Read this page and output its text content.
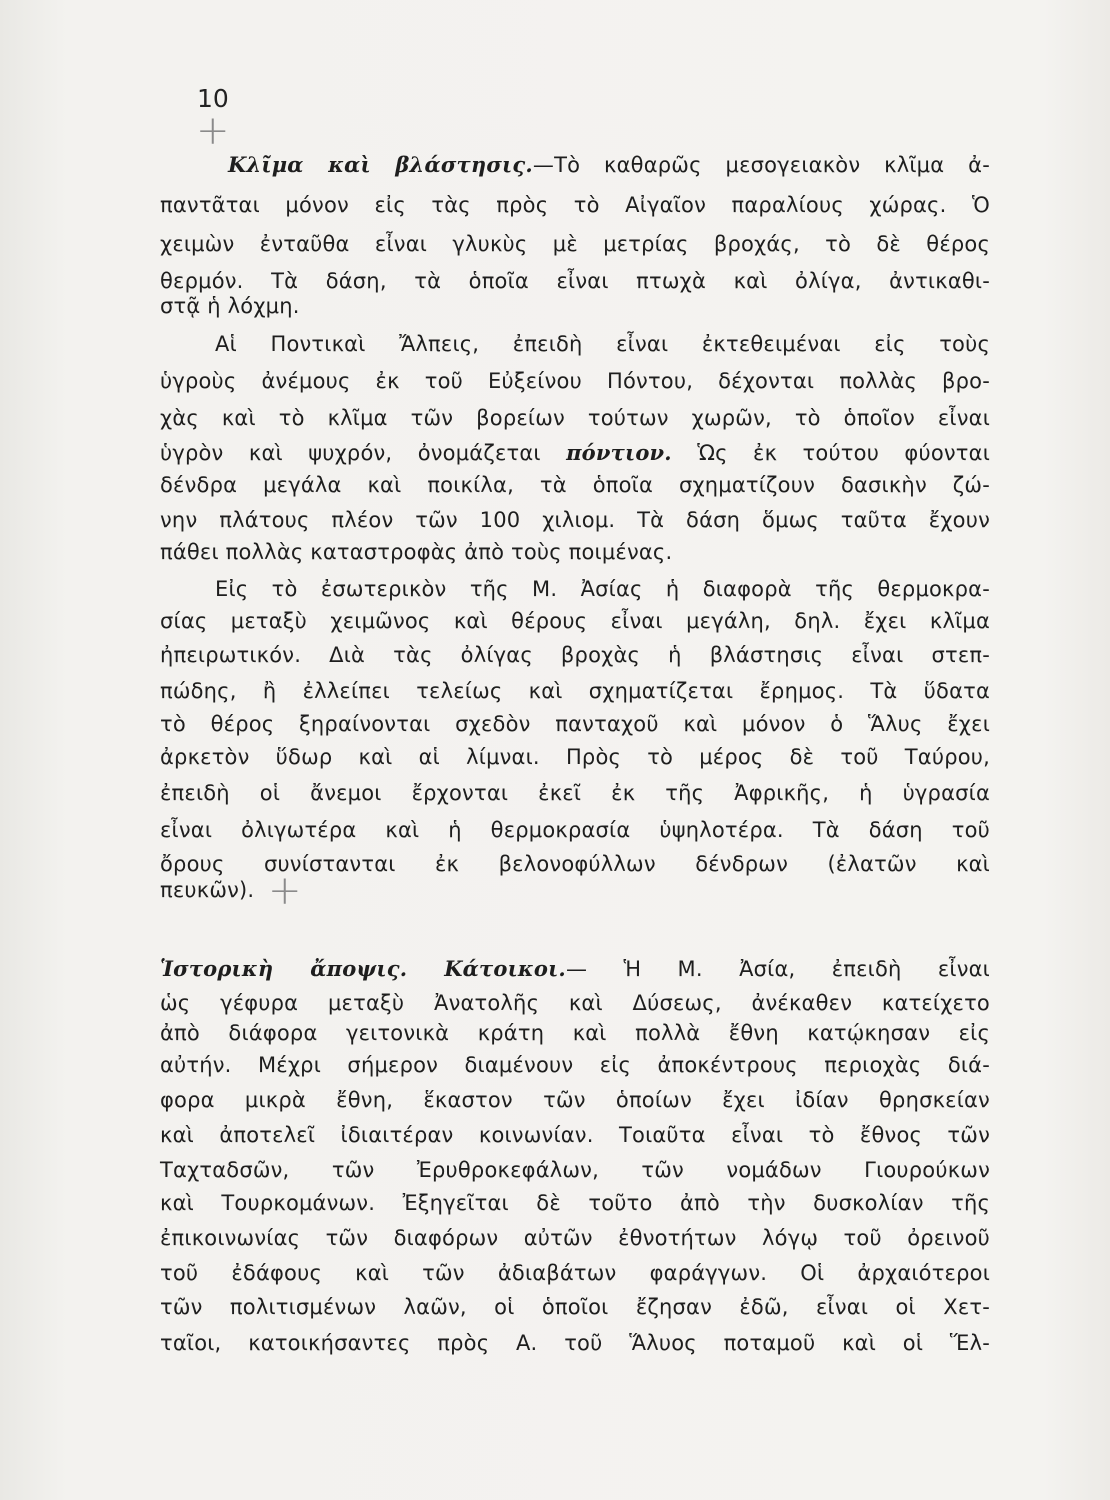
10
+
+
Κλῖμα καὶ βλάστησις.—Τὸ καθαρῶς μεσογειακὸν κλῖμα ἀ-
παντᾶται μόνον εἰς τὰς πρὸς τὸ Αἰγαῖον παραλίους χώρας. Ὁ
χειμὼν ἐνταῦθα εἶναι γλυκὺς μὲ μετρίας βροχάς, τὸ δὲ θέρος
θερμόν. Τὰ δάση, τὰ ὁποῖα εἶναι πτωχὰ καὶ ὀλίγα, ἀντικαθι-
στᾷ ἡ λόχμη.
Αἱ Ποντικαὶ Ἄλπεις, ἐπειδὴ εἶναι ἐκτεθειμέναι εἰς τοὺς
ὑγροὺς ἀνέμους ἐκ τοῦ Εὐξείνου Πόντου, δέχονται πολλὰς βρο-
χὰς καὶ τὸ κλῖμα τῶν βορείων τούτων χωρῶν, τὸ ὁποῖον εἶναι
ὑγρὸν καὶ ψυχρόν, ὀνομάζεται πόντιον. Ὡς ἐκ τούτου φύονται
δένδρα μεγάλα καὶ ποικίλα, τὰ ὁποῖα σχηματίζουν δασικὴν ζώ-
νην πλάτους πλέον τῶν 100 χιλιομ. Τὰ δάση ὅμως ταῦτα ἔχουν
πάθει πολλὰς καταστροφὰς ἀπὸ τοὺς ποιμένας.
Εἰς τὸ ἐσωτερικὸν τῆς Μ. Ἀσίας ἡ διαφορὰ τῆς θερμοκρα-
σίας μεταξὺ χειμῶνος καὶ θέρους εἶναι μεγάλη, δηλ. ἔχει κλῖμα
ἠπειρωτικόν. Διὰ τὰς ὀλίγας βροχὰς ἡ βλάστησις εἶναι στεπ-
πώδης, ἢ ἐλλείπει τελείως καὶ σχηματίζεται ἔρημος. Τὰ ὕδατα
τὸ θέρος ξηραίνονται σχεδὸν πανταχοῦ καὶ μόνον ὁ Ἅλυς ἔχει
ἀρκετὸν ὕδωρ καὶ αἱ λίμναι. Πρὸς τὸ μέρος δὲ τοῦ Ταύρου,
ἐπειδὴ οἱ ἄνεμοι ἔρχονται ἐκεῖ ἐκ τῆς Ἀφρικῆς, ἡ ὑγρασία
εἶναι ὀλιγωτέρα καὶ ἡ θερμοκρασία ὑψηλοτέρα. Τὰ δάση τοῦ
ὄρους συνίστανται ἐκ βελονοφύλλων δένδρων (ἐλατῶν καὶ
πευκῶν).
Ἱστορικὴ ἄποψις. Κάτοικοι.— Ἡ Μ. Ἀσία, ἐπειδὴ εἶναι
ὡς γέφυρα μεταξὺ Ἀνατολῆς καὶ Δύσεως, ἀνέκαθεν κατείχετο
ἀπὸ διάφορα γειτονικὰ κράτη καὶ πολλὰ ἔθνη κατῴκησαν εἰς
αὐτήν. Μέχρι σήμερον διαμένουν εἰς ἀποκέντρους περιοχὰς διά-
φορα μικρὰ ἔθνη, ἕκαστον τῶν ὁποίων ἔχει ἰδίαν θρησκείαν
καὶ ἀποτελεῖ ἰδιαιτέραν κοινωνίαν. Τοιαῦτα εἶναι τὸ ἔθνος τῶν
Ταχταδσῶν, τῶν Ἐρυθροκεφάλων, τῶν νομάδων Γιουρούκων
καὶ Τουρκομάνων. Ἐξηγεῖται δὲ τοῦτο ἀπὸ τὴν δυσκολίαν τῆς
ἐπικοινωνίας τῶν διαφόρων αὐτῶν ἐθνοτήτων λόγῳ τοῦ ὀρεινοῦ
τοῦ ἐδάφους καὶ τῶν ἀδιαβάτων φαράγγων. Οἱ ἀρχαιότεροι
τῶν πολιτισμένων λαῶν, οἱ ὁποῖοι ἔζησαν ἐδῶ, εἶναι οἱ Χετ-
ταῖοι, κατοικήσαντες πρὸς Α. τοῦ Ἅλυος ποταμοῦ καὶ οἱ Ἕλ-
